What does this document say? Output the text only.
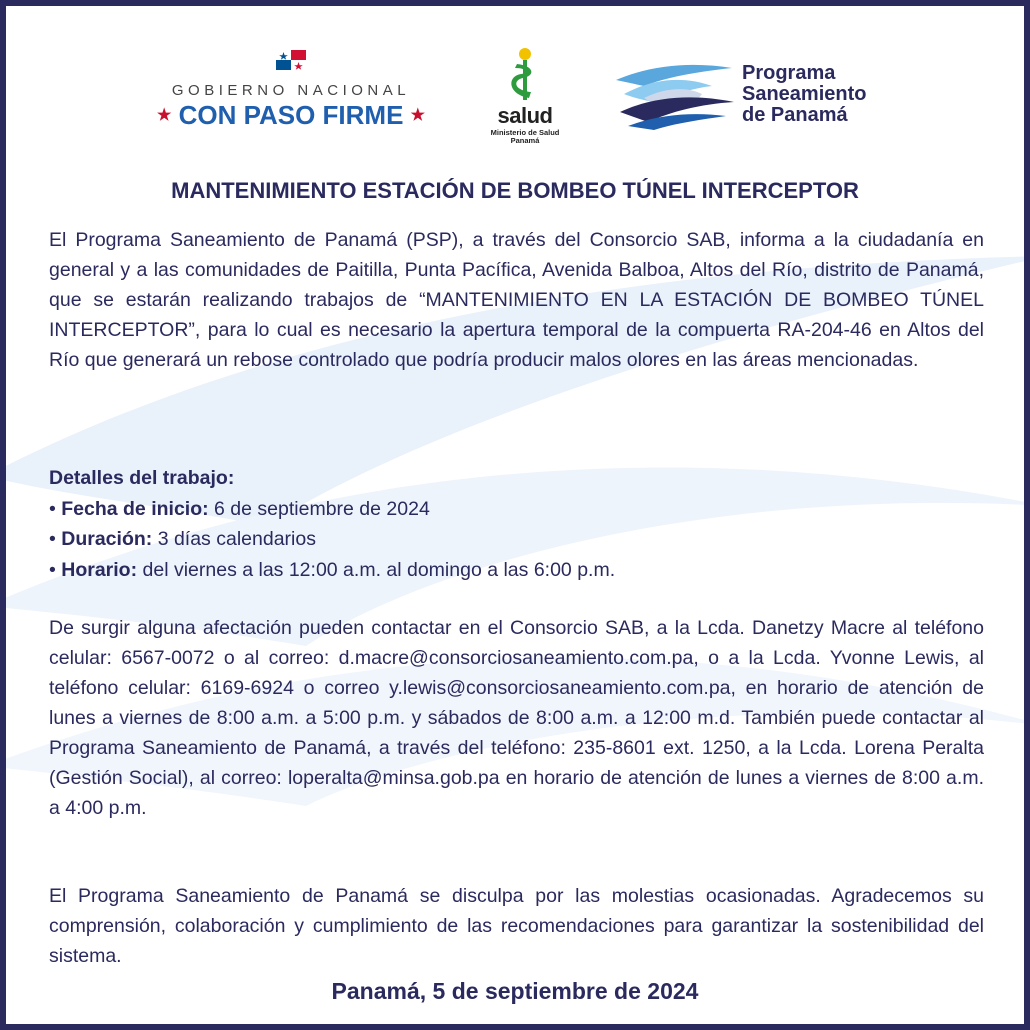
GOBIERNO NACIONAL
★ CON PASO FIRME ★	salud
Ministerio de Salud
Panamá
Programa
Saneamiento
de Panamá
MANTENIMIENTO ESTACIÓN DE BOMBEO TÚNEL INTERCEPTOR
El Programa Saneamiento de Panamá (PSP), a través del Consorcio SAB, informa a la ciudadanía en general y a las comunidades de Paitilla, Punta Pacífica, Avenida Balboa, Altos del Río, distrito de Panamá, que se estarán realizando trabajos de “MANTENIMIENTO EN LA ESTACIÓN DE BOMBEO TÚNEL INTERCEPTOR”, para lo cual es necesario la apertura temporal de la compuerta RA-204-46 en Altos del Río que generará un rebose controlado que podría producir malos olores en las áreas mencionadas.
Detalles del trabajo:
• Fecha de inicio: 6 de septiembre de 2024
• Duración: 3 días calendarios
• Horario: del viernes a las 12:00 a.m. al domingo a las 6:00 p.m.
De surgir alguna afectación pueden contactar en el Consorcio SAB, a la Lcda. Danetzy Macre al teléfono celular: 6567-0072 o al correo: d.macre@consorciosaneamiento.com.pa, o a la Lcda. Yvonne Lewis, al teléfono celular: 6169-6924 o correo y.lewis@consorciosaneamiento.com.pa, en horario de atención de lunes a viernes de 8:00 a.m. a 5:00 p.m. y sábados de 8:00 a.m. a 12:00 m.d. También puede contactar al Programa Saneamiento de Panamá, a través del teléfono: 235-8601 ext. 1250, a la Lcda. Lorena Peralta (Gestión Social), al correo: loperalta@minsa.gob.pa en horario de atención de lunes a viernes de 8:00 a.m. a 4:00 p.m.
El Programa Saneamiento de Panamá se disculpa por las molestias ocasionadas. Agradecemos su comprensión, colaboración y cumplimiento de las recomendaciones para garantizar la sostenibilidad del sistema.
Panamá, 5 de septiembre de 2024
